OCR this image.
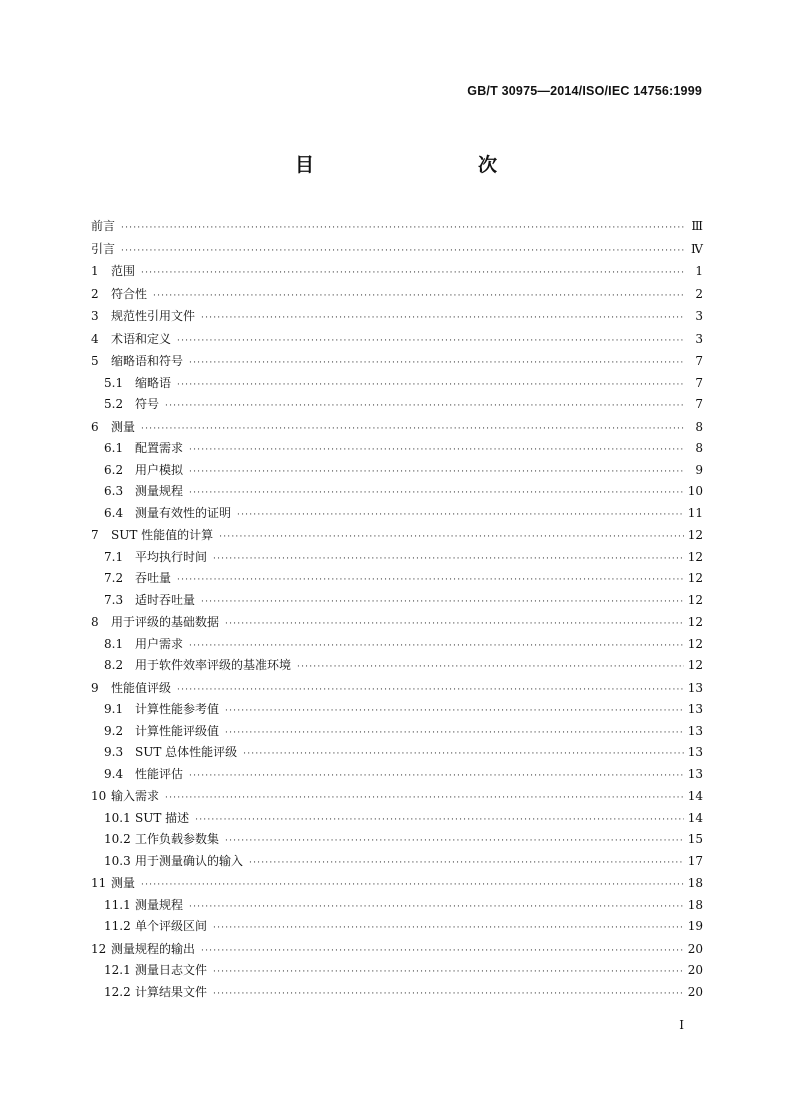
GB/T 30975—2014/ISO/IEC 14756:1999
目　　次
前言 ·····	Ⅲ
引言 ·····	Ⅳ
1	范围 ·····	1
2	符合性 ·····	2
3	规范性引用文件 ·····	3
4	术语和定义 ·····	3
5	缩略语和符号 ·····	7
5.1 缩略语 ·····	7
5.2 符号 ·····	7
6	测量 ·····	8
6.1 配置需求 ·····	8
6.2 用户模拟 ·····	9
6.3 测量规程 ·····	10
6.4 测量有效性的证明 ·····	11
7	SUT 性能值的计算 ·····	12
7.1 平均执行时间 ·····	12
7.2 吞吐量 ·····	12
7.3 适时吞吐量 ·····	12
8	用于评级的基础数据 ·····	12
8.1 用户需求 ·····	12
8.2 用于软件效率评级的基准环境 ·····	12
9	性能值评级 ·····	13
9.1 计算性能参考值 ·····	13
9.2 计算性能评级值 ·····	13
9.3 SUT 总体性能评级 ·····	13
9.4 性能评估 ·····	13
10 输入需求 ·····	14
10.1 SUT 描述 ·····	14
10.2 工作负载参数集 ·····	15
10.3 用于测量确认的输入 ·····	17
11 测量 ·····	18
11.1 测量规程 ·····	18
11.2 单个评级区间 ·····	19
12 测量规程的输出 ·····	20
12.1 测量日志文件 ·····	20
12.2 计算结果文件 ·····	20
I
